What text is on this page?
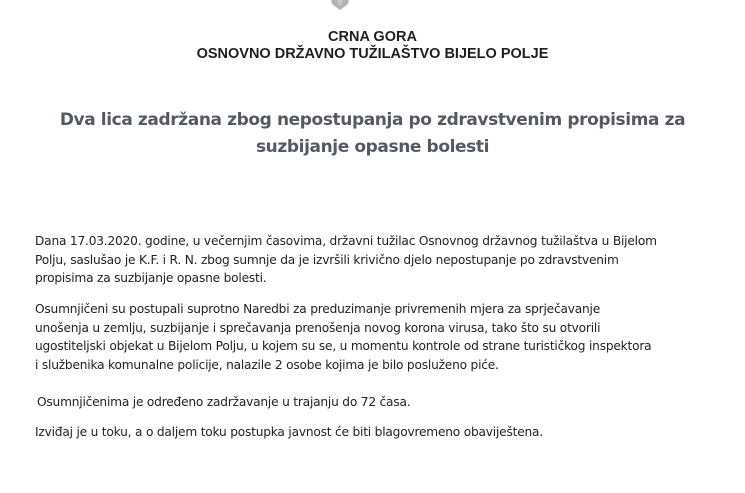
CRNA GORA
OSNOVNO DRŽAVNO TUŽILAŠTVO BIJELO POLJE
Dva lica zadržana zbog nepostupanja po zdravstvenim propisima za
suzbijanje opasne bolesti
Dana 17.03.2020. godine, u večernjim časovima, državni tužilac Osnovnog državnog tužilaštva u Bijelom
Polju, saslušao je K.F. i R. N. zbog sumnje da je izvršili krivično djelo nepostupanje po zdravstvenim
propisima za suzbijanje opasne bolesti.
Osumnjičeni su postupali suprotno Naredbi za preduzimanje privremenih mjera za sprječavanje
unošenja u zemlju, suzbijanje i sprečavanja prenošenja novog korona virusa, tako što su otvorili
ugostiteljski objekat u Bijelom Polju, u kojem su se, u momentu kontrole od strane turističkog inspektora
i službenika komunalne policije, nalazile 2 osobe kojima je bilo posluženo piće.
Osumnjičenima je određeno zadržavanje u trajanju do 72 časa.
Izviđaj je u toku, a o daljem toku postupka javnost će biti blagovremeno obaviještena.
